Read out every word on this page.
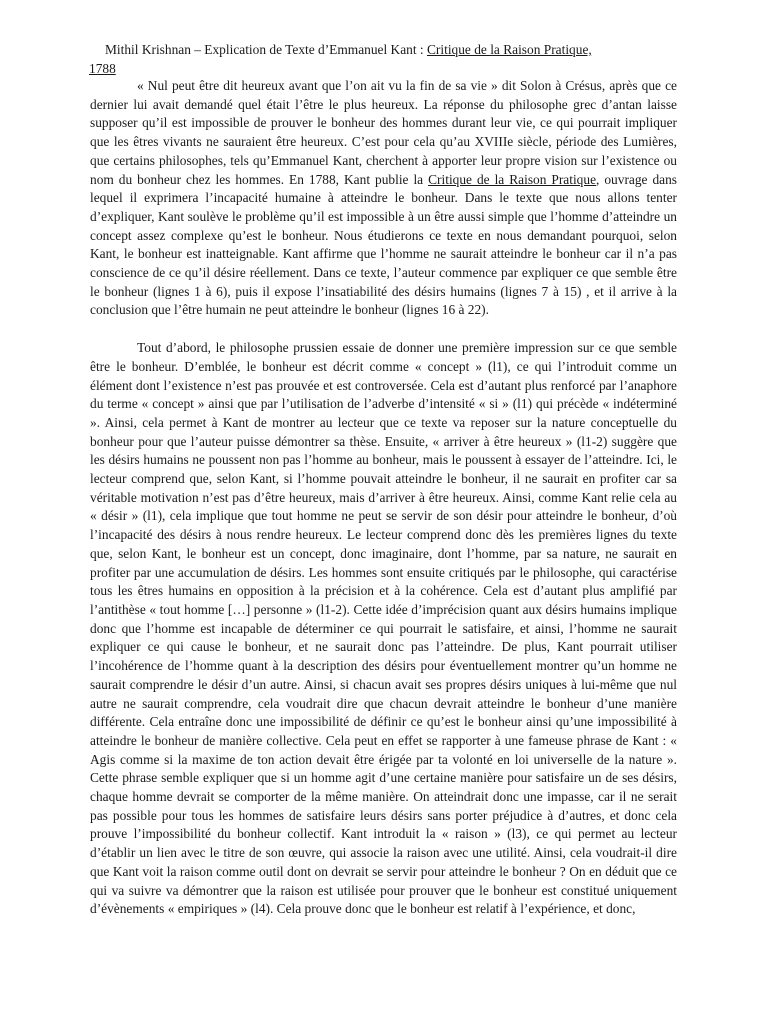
Mithil Krishnan – Explication de Texte d’Emmanuel Kant : Critique de la Raison Pratique,
1788

« Nul peut être dit heureux avant que l’on ait vu la fin de sa vie » dit Solon à Crésus, après que ce dernier lui avait demandé quel était l’être le plus heureux. La réponse du philosophe grec d’antan laisse supposer qu’il est impossible de prouver le bonheur des hommes durant leur vie, ce qui pourrait impliquer que les êtres vivants ne sauraient être heureux. C’est pour cela qu’au XVIIIe siècle, période des Lumières, que certains philosophes, tels qu’Emmanuel Kant, cherchent à apporter leur propre vision sur l’existence ou nom du bonheur chez les hommes. En 1788, Kant publie la Critique de la Raison Pratique, ouvrage dans lequel il exprimera l’incapacité humaine à atteindre le bonheur. Dans le texte que nous allons tenter d’expliquer, Kant soulève le problème qu’il est impossible à un être aussi simple que l’homme d’atteindre un concept assez complexe qu’est le bonheur. Nous étudierons ce texte en nous demandant pourquoi, selon Kant, le bonheur est inatteignable. Kant affirme que l’homme ne saurait atteindre le bonheur car il n’a pas conscience de ce qu’il désire réellement. Dans ce texte, l’auteur commence par expliquer ce que semble être le bonheur (lignes 1 à 6), puis il expose l’insatiabilité des désirs humains (lignes 7 à 15) , et il arrive à la conclusion que l’être humain ne peut atteindre le bonheur (lignes 16 à 22).

Tout d’abord, le philosophe prussien essaie de donner une première impression sur ce que semble être le bonheur. D’emblée, le bonheur est décrit comme « concept » (l1), ce qui l’introduit comme un élément dont l’existence n’est pas prouvée et est controversée. Cela est d’autant plus renforcé par l’anaphore du terme « concept » ainsi que par l’utilisation de l’adverbe d’intensité « si » (l1) qui précède « indéterminé ». Ainsi, cela permet à Kant de montrer au lecteur que ce texte va reposer sur la nature conceptuelle du bonheur pour que l’auteur puisse démontrer sa thèse. Ensuite, « arriver à être heureux » (l1-2) suggère que les désirs humains ne poussent non pas l’homme au bonheur, mais le poussent à essayer de l’atteindre. Ici, le lecteur comprend que, selon Kant, si l’homme pouvait atteindre le bonheur, il ne saurait en profiter car sa véritable motivation n’est pas d’être heureux, mais d’arriver à être heureux. Ainsi, comme Kant relie cela au « désir » (l1), cela implique que tout homme ne peut se servir de son désir pour atteindre le bonheur, d’où l’incapacité des désirs à nous rendre heureux. Le lecteur comprend donc dès les premières lignes du texte que, selon Kant, le bonheur est un concept, donc imaginaire, dont l’homme, par sa nature, ne saurait en profiter par une accumulation de désirs. Les hommes sont ensuite critiqués par le philosophe, qui caractérise tous les êtres humains en opposition à la précision et à la cohérence. Cela est d’autant plus amplifié par l’antithèse « tout homme […] personne » (l1-2). Cette idée d’imprécision quant aux désirs humains implique donc que l’homme est incapable de déterminer ce qui pourrait le satisfaire, et ainsi, l’homme ne saurait expliquer ce qui cause le bonheur, et ne saurait donc pas l’atteindre. De plus, Kant pourrait utiliser l’incohérence de l’homme quant à la description des désirs pour éventuellement montrer qu’un homme ne saurait comprendre le désir d’un autre. Ainsi, si chacun avait ses propres désirs uniques à lui-même que nul autre ne saurait comprendre, cela voudrait dire que chacun devrait atteindre le bonheur d’une manière différente. Cela entraîne donc une impossibilité de définir ce qu’est le bonheur ainsi qu’une impossibilité à atteindre le bonheur de manière collective. Cela peut en effet se rapporter à une fameuse phrase de Kant : « Agis comme si la maxime de ton action devait être érigée par ta volonté en loi universelle de la nature ». Cette phrase semble expliquer que si un homme agit d’une certaine manière pour satisfaire un de ses désirs, chaque homme devrait se comporter de la même manière. On atteindrait donc une impasse, car il ne serait pas possible pour tous les hommes de satisfaire leurs désirs sans porter préjudice à d’autres, et donc cela prouve l’impossibilité du bonheur collectif. Kant introduit la « raison » (l3), ce qui permet au lecteur d’établir un lien avec le titre de son œuvre, qui associe la raison avec une utilité. Ainsi, cela voudrait-il dire que Kant voit la raison comme outil dont on devrait se servir pour atteindre le bonheur ? On en déduit que ce qui va suivre va démontrer que la raison est utilisée pour prouver que le bonheur est constitué uniquement d’évènements « empiriques » (l4). Cela prouve donc que le bonheur est relatif à l’expérience, et donc,
